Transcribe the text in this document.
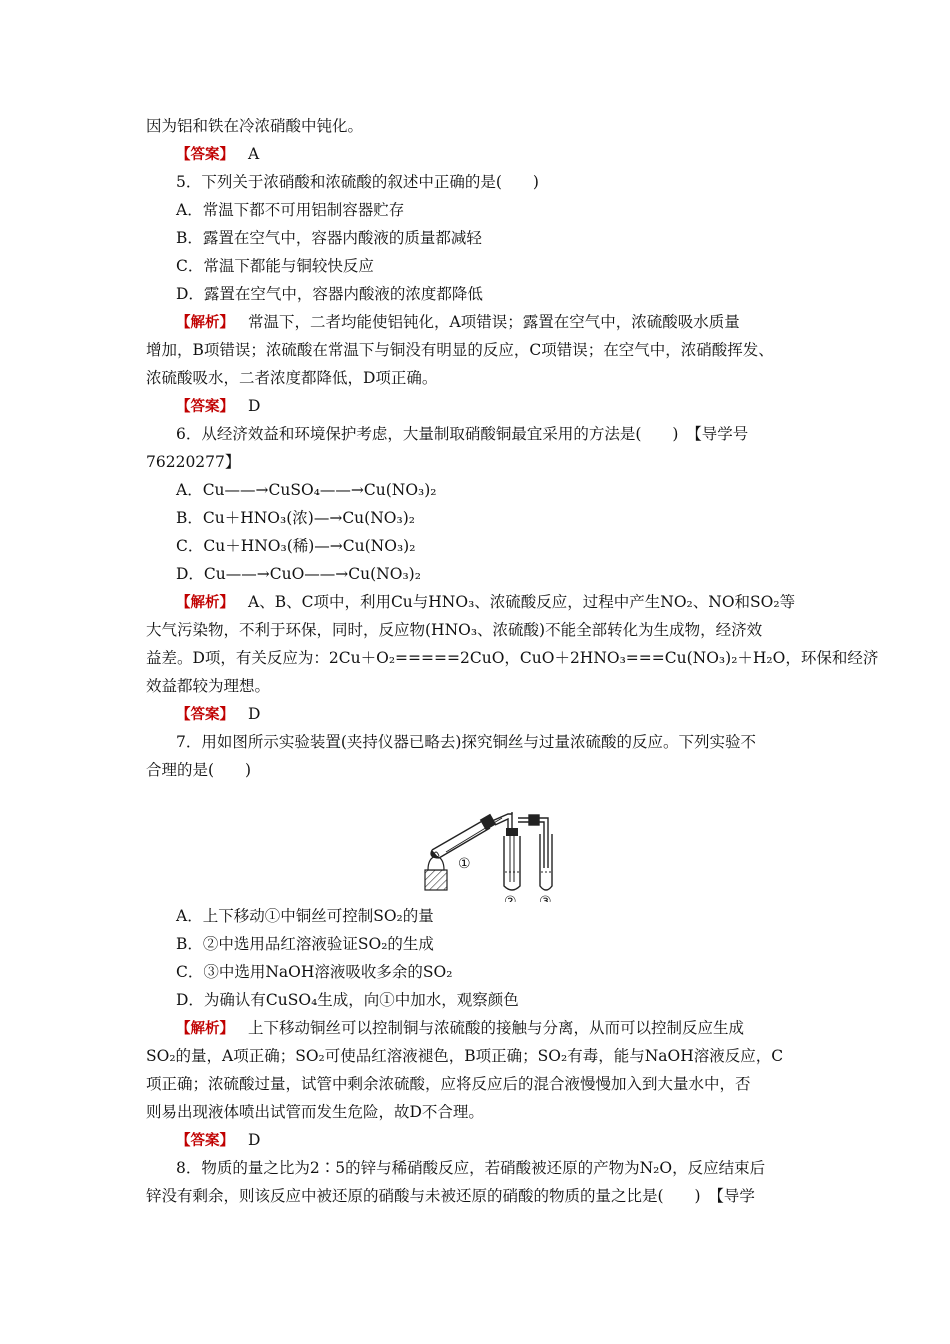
因为铝和铁在冷浓硝酸中钝化。
【答案】 A
5．下列关于浓硝酸和浓硫酸的叙述中正确的是(　　)
A．常温下都不可用铝制容器贮存
B．露置在空气中，容器内酸液的质量都减轻
C．常温下都能与铜较快反应
D．露置在空气中，容器内酸液的浓度都降低
【解析】 常温下，二者均能使铝钝化，A项错误；露置在空气中，浓硫酸吸水质量
增加，B项错误；浓硫酸在常温下与铜没有明显的反应，C项错误；在空气中，浓硝酸挥发、
浓硫酸吸水，二者浓度都降低，D项正确。
【答案】 D
6．从经济效益和环境保护考虑，大量制取硝酸铜最宜采用的方法是(　　)　【导学号
76220277】
A．Cu——→CuSO₄——→Cu(NO₃)₂
B．Cu＋HNO₃(浓)—→Cu(NO₃)₂
C．Cu＋HNO₃(稀)—→Cu(NO₃)₂
D．Cu——→CuO——→Cu(NO₃)₂
【解析】 A、B、C项中，利用Cu与HNO₃、浓硫酸反应，过程中产生NO₂、NO和SO₂等
大气污染物，不利于环保，同时，反应物(HNO₃、浓硫酸)不能全部转化为生成物，经济效
益差。D项，有关反应为：2Cu＋O₂=====2CuO，CuO＋2HNO₃===Cu(NO₃)₂＋H₂O，环保和经济
效益都较为理想。
【答案】 D
7．用如图所示实验装置(夹持仪器已略去)探究铜丝与过量浓硫酸的反应。下列实验不
合理的是(　　)
①
② ③
A．上下移动①中铜丝可控制SO₂的量
B．②中选用品红溶液验证SO₂的生成
C．③中选用NaOH溶液吸收多余的SO₂
D．为确认有CuSO₄生成，向①中加水，观察颜色
【解析】 上下移动铜丝可以控制铜与浓硫酸的接触与分离，从而可以控制反应生成
SO₂的量，A项正确；SO₂可使品红溶液褪色，B项正确；SO₂有毒，能与NaOH溶液反应，C
项正确；浓硫酸过量，试管中剩余浓硫酸，应将反应后的混合液慢慢加入到大量水中，否
则易出现液体喷出试管而发生危险，故D不合理。
【答案】 D
8．物质的量之比为2∶5的锌与稀硝酸反应，若硝酸被还原的产物为N₂O，反应结束后
锌没有剩余，则该反应中被还原的硝酸与未被还原的硝酸的物质的量之比是(　　)　【导学
